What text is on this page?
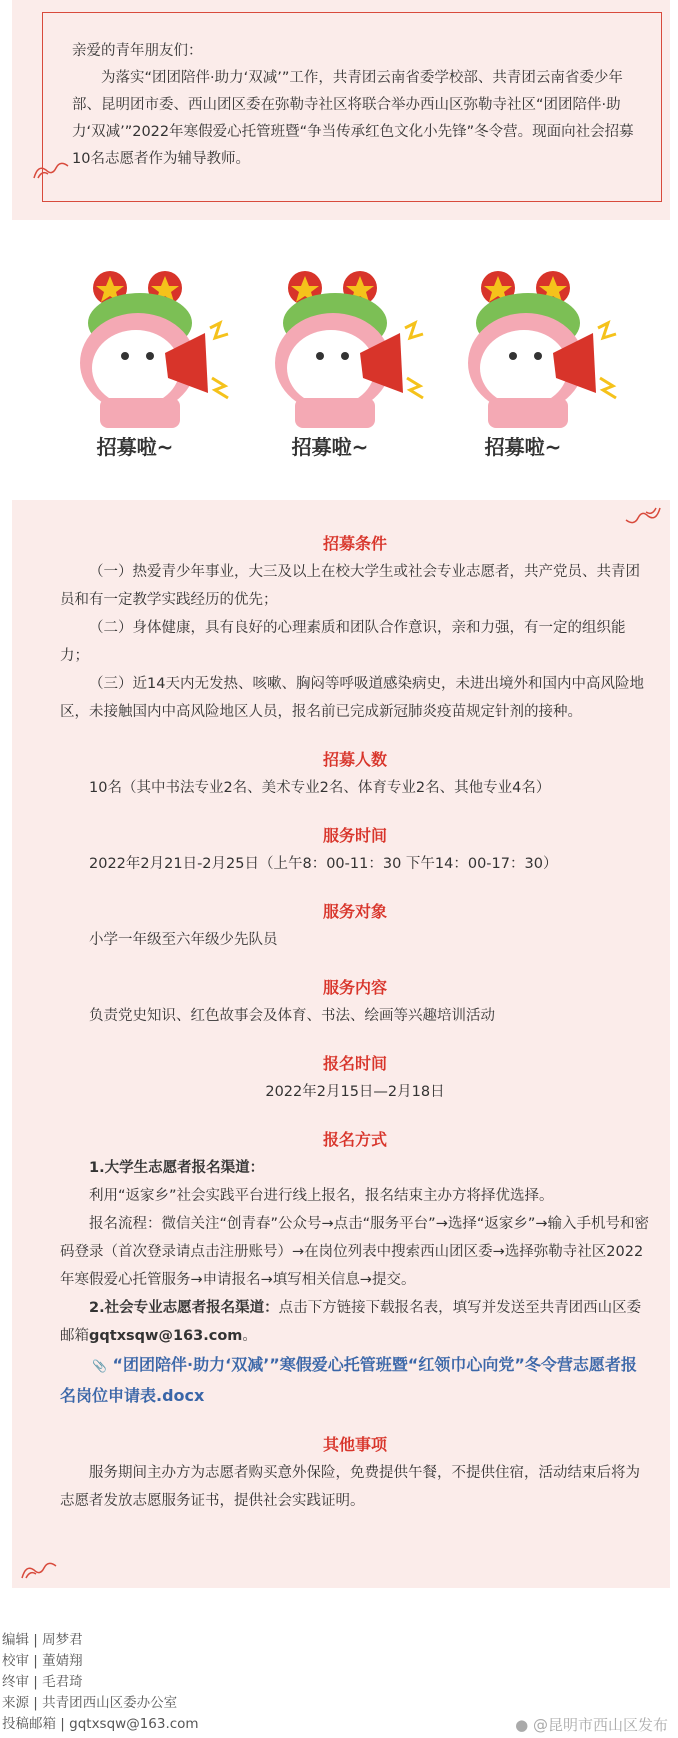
亲爱的青年朋友们：

为落实“团团陪伴·助力‘双减’”工作，共青团云南省委学校部、共青团云南省委少年部、昆明团市委、西山团区委在弥勒寺社区将联合举办西山区弥勒寺社区“团团陪伴·助力‘双减’”2022年寒假爱心托管班暨“争当传承红色文化小先锋”冬令营。现面向社会招募10名志愿者作为辅导教师。

招募啦~	招募啦~	招募啦~

招募条件

（一）热爱青少年事业，大三及以上在校大学生或社会专业志愿者，共产党员、共青团员和有一定教学实践经历的优先；

（二）身体健康，具有良好的心理素质和团队合作意识，亲和力强，有一定的组织能力；

（三）近14天内无发热、咳嗽、胸闷等呼吸道感染病史，未进出境外和国内中高风险地区，未接触国内中高风险地区人员，报名前已完成新冠肺炎疫苗规定针剂的接种。

招募人数

10名（其中书法专业2名、美术专业2名、体育专业2名、其他专业4名）

服务时间

2022年2月21日-2月25日（上午8：00-11：30 下午14：00-17：30）

服务对象

小学一年级至六年级少先队员

服务内容

负责党史知识、红色故事会及体育、书法、绘画等兴趣培训活动

报名时间

2022年2月15日—2月18日

报名方式

1.大学生志愿者报名渠道：

利用“返家乡”社会实践平台进行线上报名，报名结束主办方将择优选择。

报名流程：微信关注“创青春”公众号→点击“服务平台”→选择“返家乡”→输入手机号和密码登录（首次登录请点击注册账号）→在岗位列表中搜索西山团区委→选择弥勒寺社区2022年寒假爱心托管服务→申请报名→填写相关信息→提交。

2.社会专业志愿者报名渠道：点击下方链接下载报名表，填写并发送至共青团西山区委邮箱gqtxsqw@163.com。

📎 “团团陪伴·助力‘双减’”寒假爱心托管班暨“红领巾心向党”冬令营志愿者报名岗位申请表.docx

其他事项

服务期间主办方为志愿者购买意外保险，免费提供午餐，不提供住宿，活动结束后将为志愿者发放志愿服务证书，提供社会实践证明。

编辑 | 周梦君
校审 | 董婧翔
终审 | 毛君琦
来源 | 共青团西山区委办公室
投稿邮箱 | gqtxsqw@163.com	● @昆明市西山区发布
